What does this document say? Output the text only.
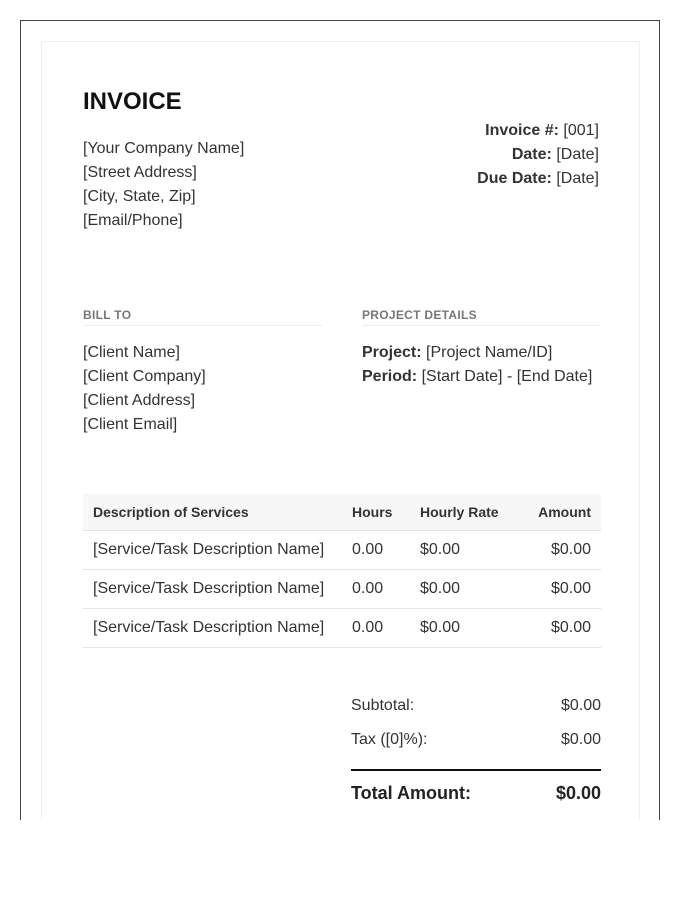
INVOICE
[Your Company Name]
[Street Address]
[City, State, Zip]
[Email/Phone]
Invoice #: [001]
Date: [Date]
Due Date: [Date]
BILL TO	PROJECT DETAILS
[Client Name]
[Client Company]
[Client Address]
[Client Email]
Project: [Project Name/ID]
Period: [Start Date] - [End Date]
Description of Services	Hours	Hourly Rate	Amount
[Service/Task Description Name]	0.00	$0.00	$0.00
[Service/Task Description Name]	0.00	$0.00	$0.00
[Service/Task Description Name]	0.00	$0.00	$0.00
Subtotal:	$0.00
Tax ([0]%):	$0.00
Total Amount:	$0.00
